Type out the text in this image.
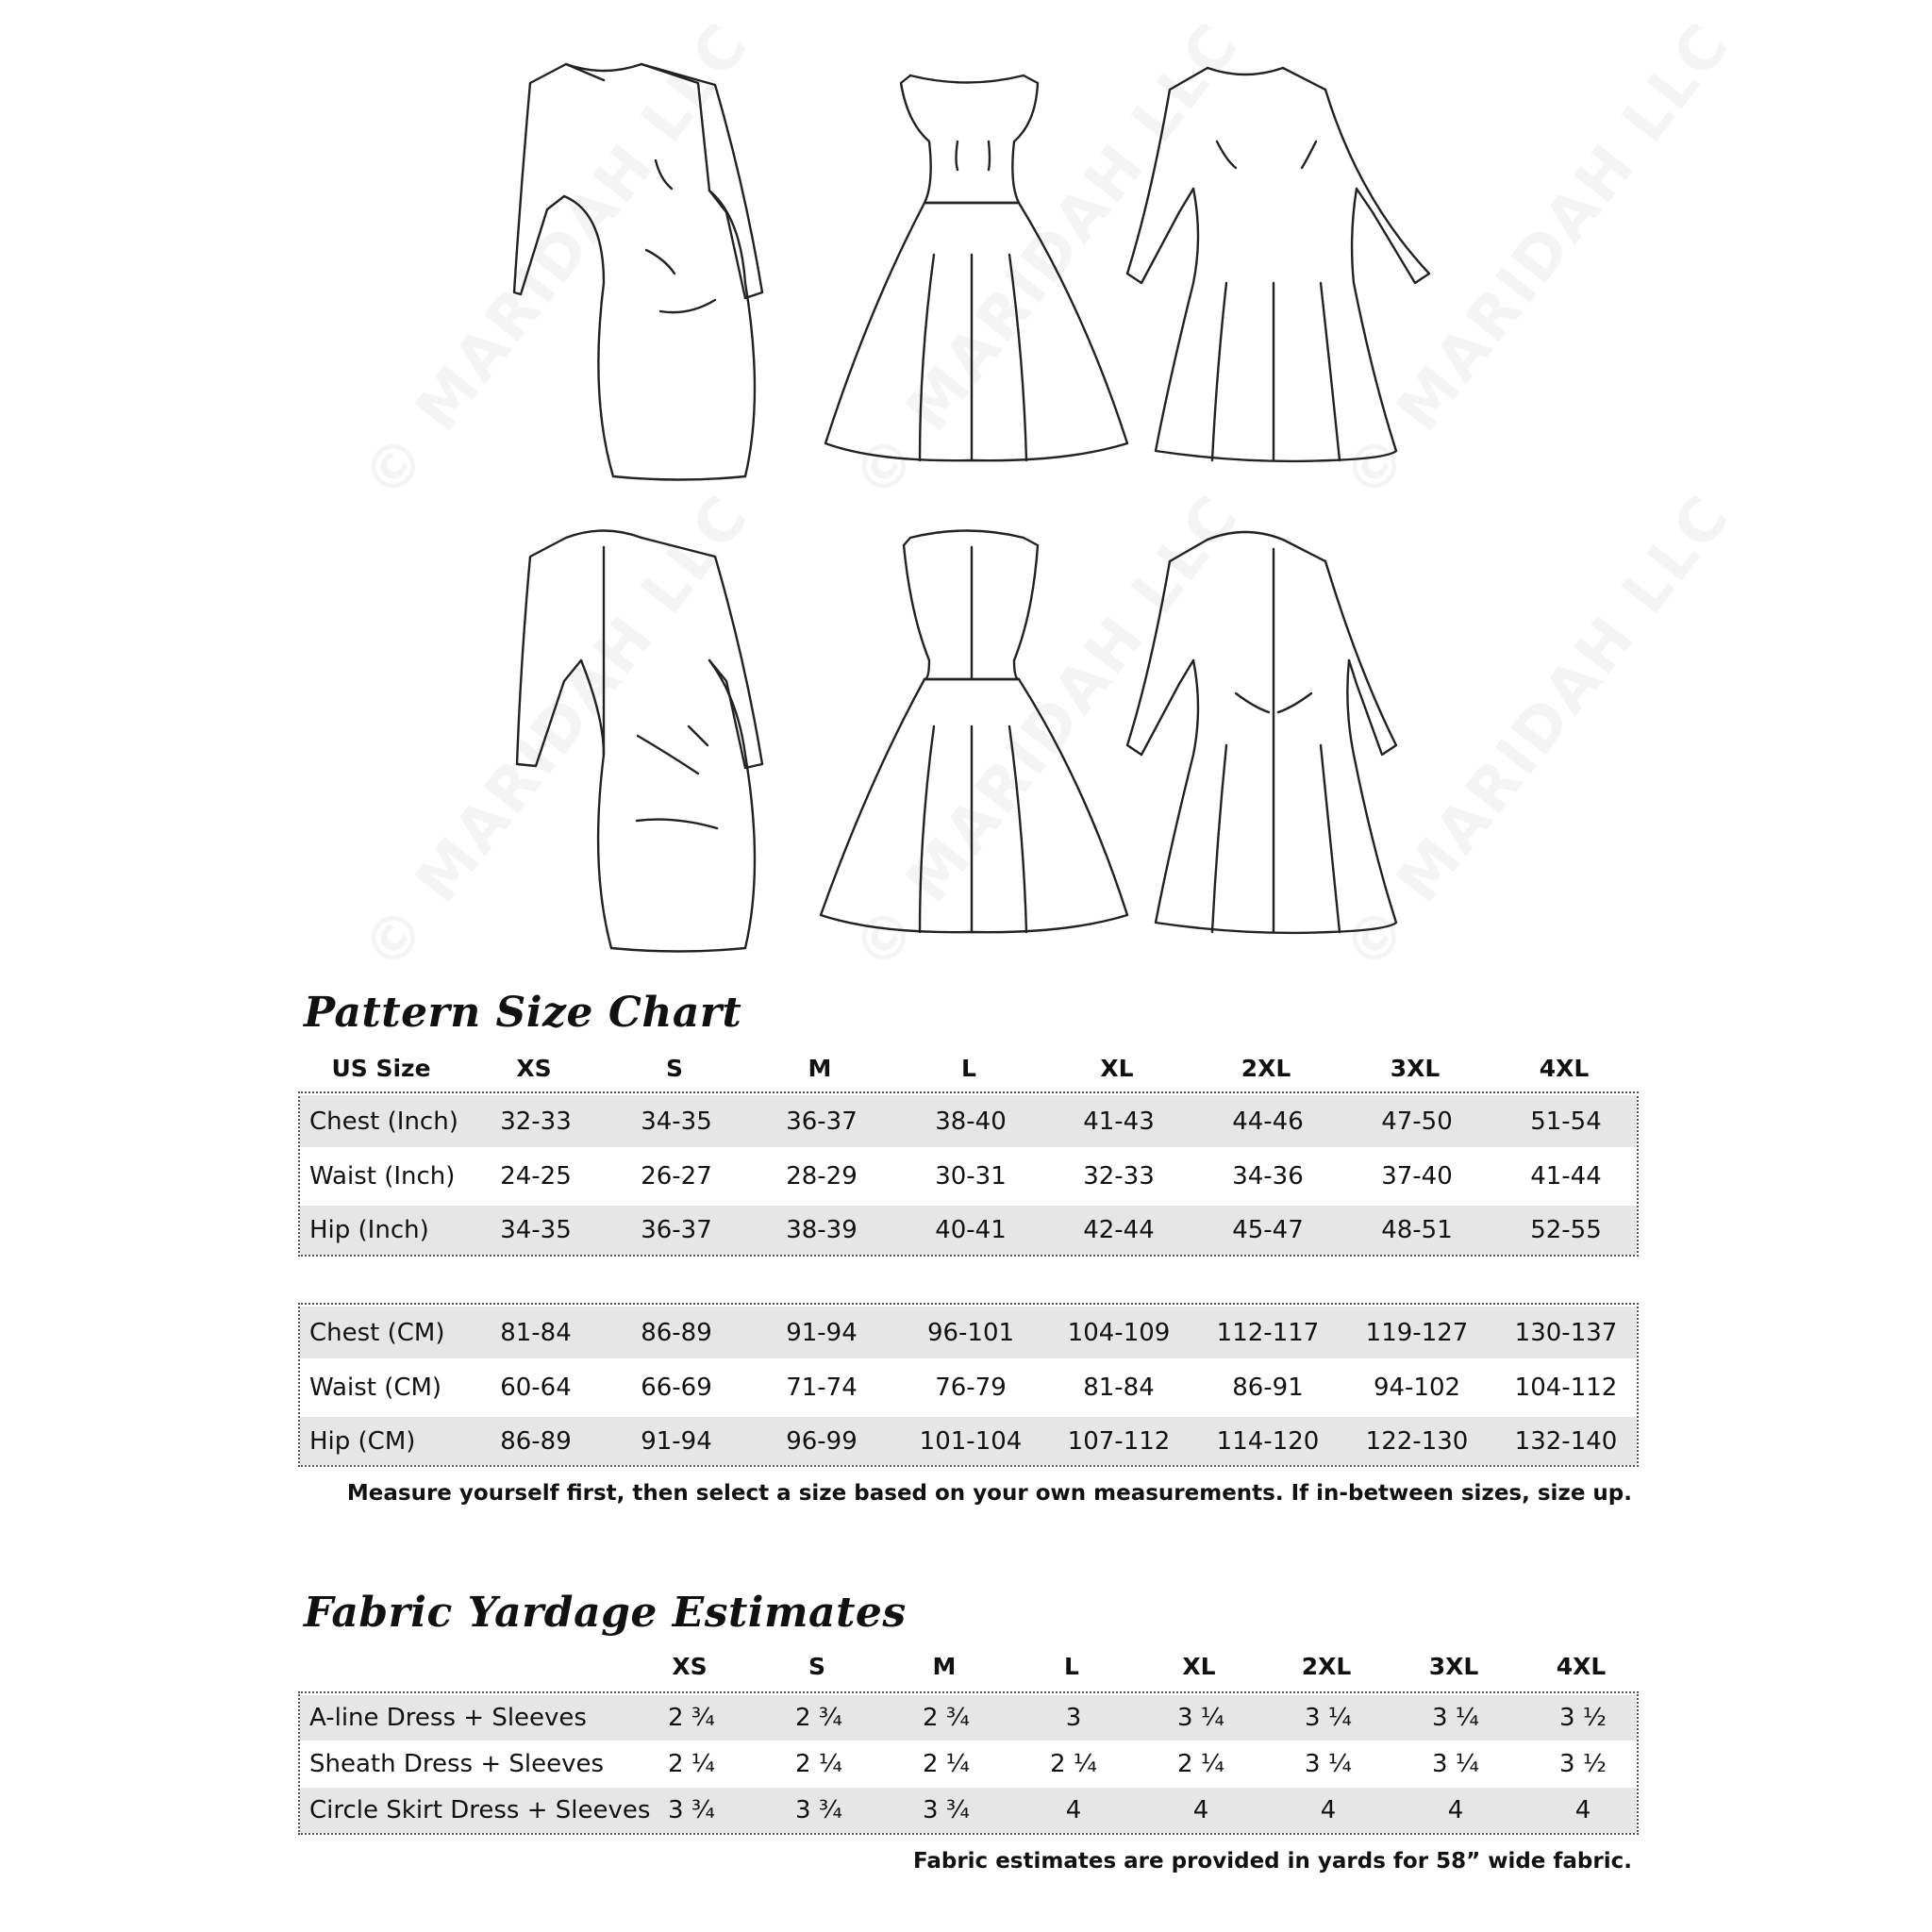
Pattern Size Chart
US Size	XS	S	M	L	XL	2XL	3XL	4XL
Chest (Inch) 32-33	34-35	36-37	38-40	41-43	44-46	47-50	51-54
Waist (Inch) 24-25	26-27	28-29	30-31	32-33	34-36	37-40	41-44
Hip (Inch)	34-35	36-37	38-39	40-41	42-44	45-47	48-51	52-55
Chest (CM) 81-84	86-89	91-94	96-101 104-109 112-117 119-127 130-137
Waist (CM) 60-64	66-69	71-74	76-79	81-84	86-91	94-102 104-112
Hip (CM)	86-89	91-94	96-99	101-104 107-112 114-120 122-130 132-140
Measure yourself first, then select a size based on your own measurements. If in-between sizes, size up.
Fabric Yardage Estimates
XS	S	M	L	XL	2XL	3XL	4XL
A-line Dress + Sleeves	2 ¾	2 ¾	2 ¾	3	3 ¼	3 ¼	3 ¼	3 ½
Sheath Dress + Sleeves	2 ¼	2 ¼	2 ¼	2 ¼	2 ¼	3 ¼	3 ¼	3 ½
Circle Skirt Dress + Sleeves 3 ¾	3 ¾	3 ¾	4	4	4	4	4
Fabric estimates are provided in yards for 58” wide fabric.
